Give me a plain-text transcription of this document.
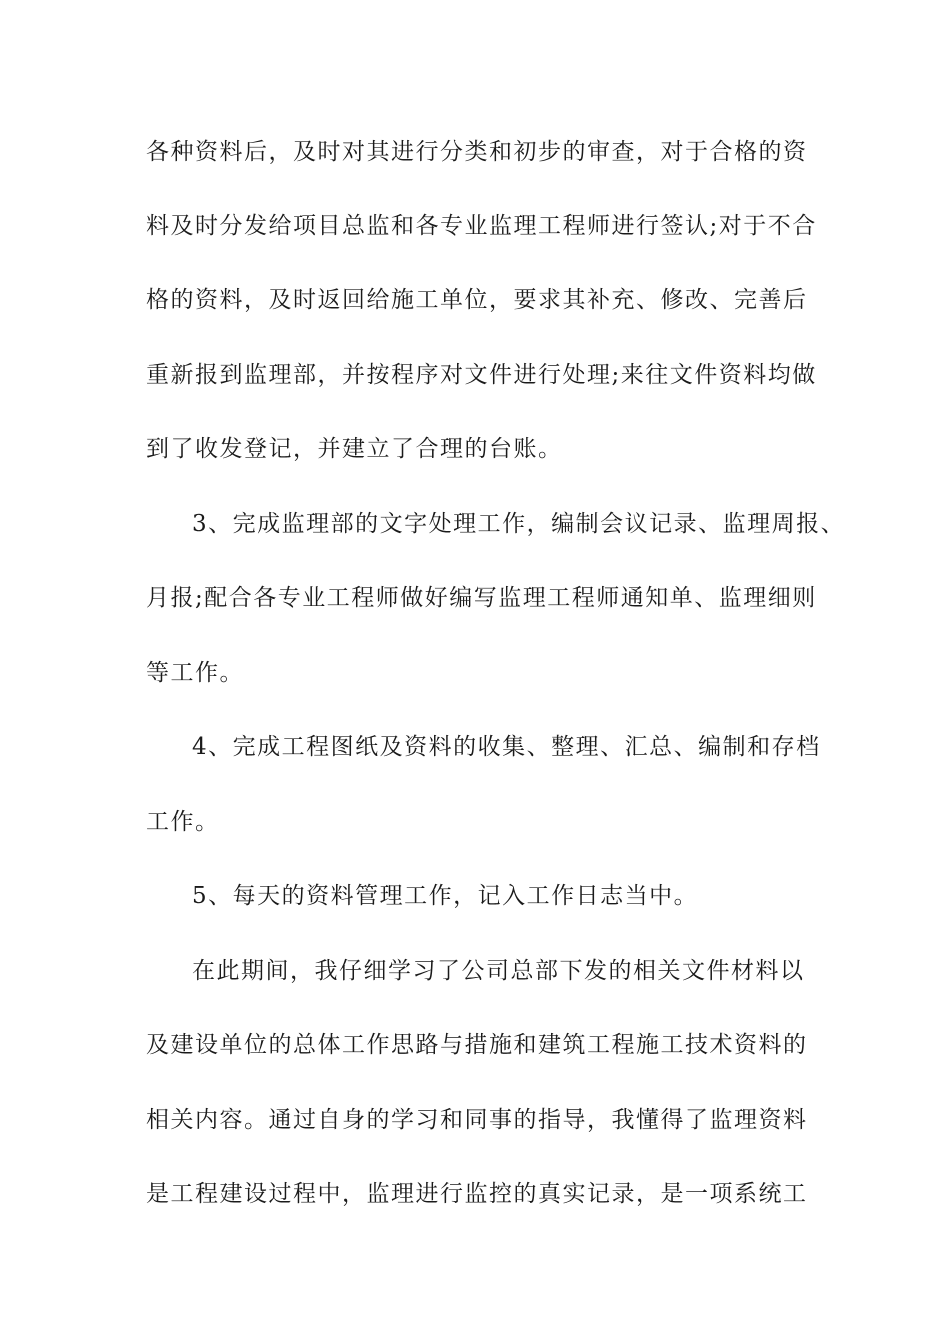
各种资料后，及时对其进行分类和初步的审查，对于合格的资

料及时分发给项目总监和各专业监理工程师进行签认;对于不合

格的资料，及时返回给施工单位，要求其补充、修改、完善后

重新报到监理部，并按程序对文件进行处理;来往文件资料均做

到了收发登记，并建立了合理的台账。

3、完成监理部的文字处理工作，编制会议记录、监理周报、

月报;配合各专业工程师做好编写监理工程师通知单、监理细则

等工作。

4、完成工程图纸及资料的收集、整理、汇总、编制和存档

工作。

5、每天的资料管理工作，记入工作日志当中。

在此期间，我仔细学习了公司总部下发的相关文件材料以

及建设单位的总体工作思路与措施和建筑工程施工技术资料的

相关内容。通过自身的学习和同事的指导，我懂得了监理资料

是工程建设过程中，监理进行监控的真实记录，是一项系统工
